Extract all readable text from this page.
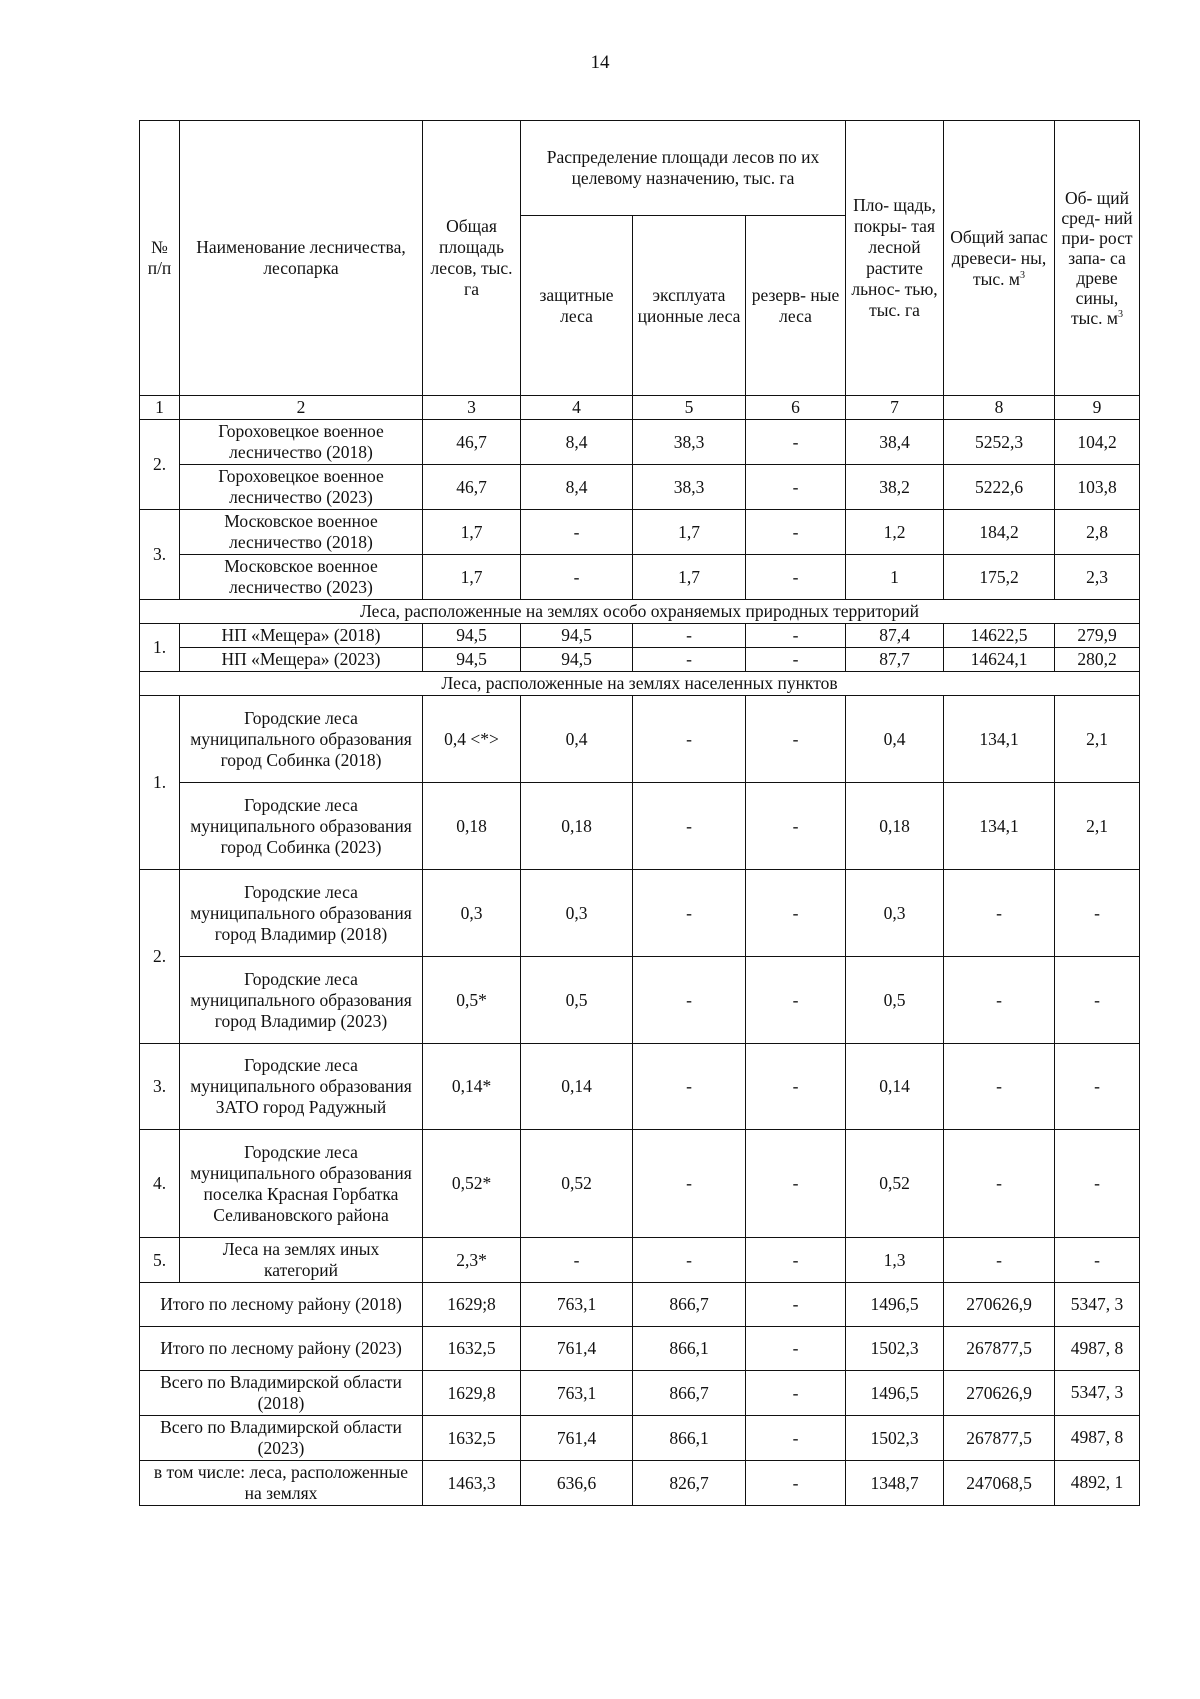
14
№ п/п	Наименование лесничества, лесопарка	Общая площадь лесов, тыс. га	Распределение площади лесов по их целевому назначению, тыс. га			Пло- щадь, покры- тая лесной растите льнос- тью, тыс. га	Общий запас древеси- ны, тыс. $м^3$	Об- щий сред- ний при- рост запа- са древе сины, тыс. $м^3$
			защитные леса	эксплуата ционные леса	резерв- ные леса			
1	2	3	4	5	6	7	8	9
2.	Гороховецкое военное лесничество (2018)	46,7	8,4	38,3	-	38,4	5252,3	104,2
	Гороховецкое военное лесничество (2023)	46,7	8,4	38,3	-	38,2	5222,6	103,8
3.	Московское военное лесничество (2018)	1,7	-	1,7	-	1,2	184,2	2,8
	Московское военное лесничество (2023)	1,7	-	1,7	-	1	175,2	2,3
Леса, расположенные на землях особо охраняемых природных территорий								
1.	НП «Мещера» (2018)	94,5	94,5	-	-	87,4	14622,5	279,9
	НП «Мещера» (2023)	94,5	94,5	-	-	87,7	14624,1	280,2
Леса, расположенные на землях населенных пунктов								
1.	Городские леса муниципального образования город Собинка (2018)	0,4 <*>	0,4	-	-	0,4	134,1	2,1
	Городские леса муниципального образования город Собинка (2023)	0,18	0,18	-	-	0,18	134,1	2,1
2.	Городские леса муниципального образования город Владимир (2018)	0,3	0,3	-	-	0,3	-	-
	Городские леса муниципального образования город Владимир (2023)	0,5*	0,5	-	-	0,5	-	-
3.	Городские леса муниципального образования ЗАТО город Радужный	0,14*	0,14	-	-	0,14	-	-
4.	Городские леса муниципального образования поселка Красная Горбатка Селивановского района	0,52*	0,52	-	-	0,52	-	-
5.	Леса на землях иных категорий	2,3*	-	-	-	1,3	-	-
Итого по лесному району (2018)		1629;8	763,1	866,7	-	1496,5	270626,9	5347, 3
Итого по лесному району (2023)		1632,5	761,4	866,1	-	1502,3	267877,5	4987, 8
Всего по Владимирской области (2018)		1629,8	763,1	866,7	-	1496,5	270626,9	5347, 3
Всего по Владимирской области (2023)		1632,5	761,4	866,1	-	1502,3	267877,5	4987, 8
в том числе: леса, расположенные на землях		1463,3	636,6	826,7	-	1348,7	247068,5	4892, 1
